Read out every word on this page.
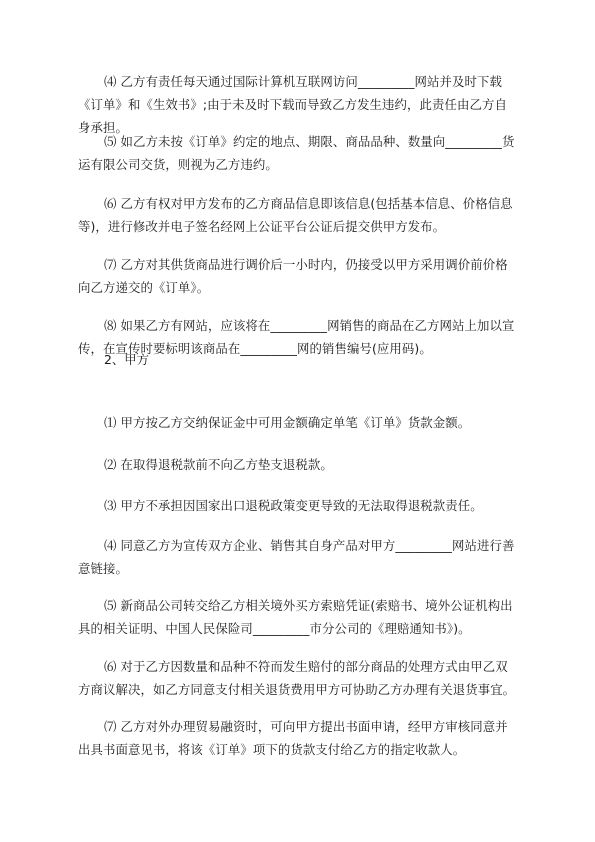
⑷ 乙方有责任每天通过国际计算机互联网访问_________网站并及时下载《订单》和《生效书》;由于未及时下载而导致乙方发生违约，此责任由乙方自身承担。

⑸ 如乙方未按《订单》约定的地点、期限、商品品种、数量向_________货运有限公司交货，则视为乙方违约。

⑹ 乙方有权对甲方发布的乙方商品信息即该信息(包括基本信息、价格信息等)，进行修改并电子签名经网上公证平台公证后提交供甲方发布。

⑺ 乙方对其供货商品进行调价后一小时内，仍接受以甲方采用调价前价格向乙方递交的《订单》。

⑻ 如果乙方有网站，应该将在_________网销售的商品在乙方网站上加以宣传，在宣传时要标明该商品在_________网的销售编号(应用码)。

2、甲方

⑴ 甲方按乙方交纳保证金中可用金额确定单笔《订单》货款金额。

⑵ 在取得退税款前不向乙方垫支退税款。

⑶ 甲方不承担因国家出口退税政策变更导致的无法取得退税款责任。

⑷ 同意乙方为宣传双方企业、销售其自身产品对甲方_________网站进行善意链接。

⑸ 新商品公司转交给乙方相关境外买方索赔凭证(索赔书、境外公证机构出具的相关证明、中国人民保险司_________市分公司的《理赔通知书》)。

⑹ 对于乙方因数量和品种不符而发生赔付的部分商品的处理方式由甲乙双方商议解决，如乙方同意支付相关退货费用甲方可协助乙方办理有关退货事宜。

⑺ 乙方对外办理贸易融资时，可向甲方提出书面申请，经甲方审核同意并出具书面意见书，将该《订单》项下的货款支付给乙方的指定收款人。
